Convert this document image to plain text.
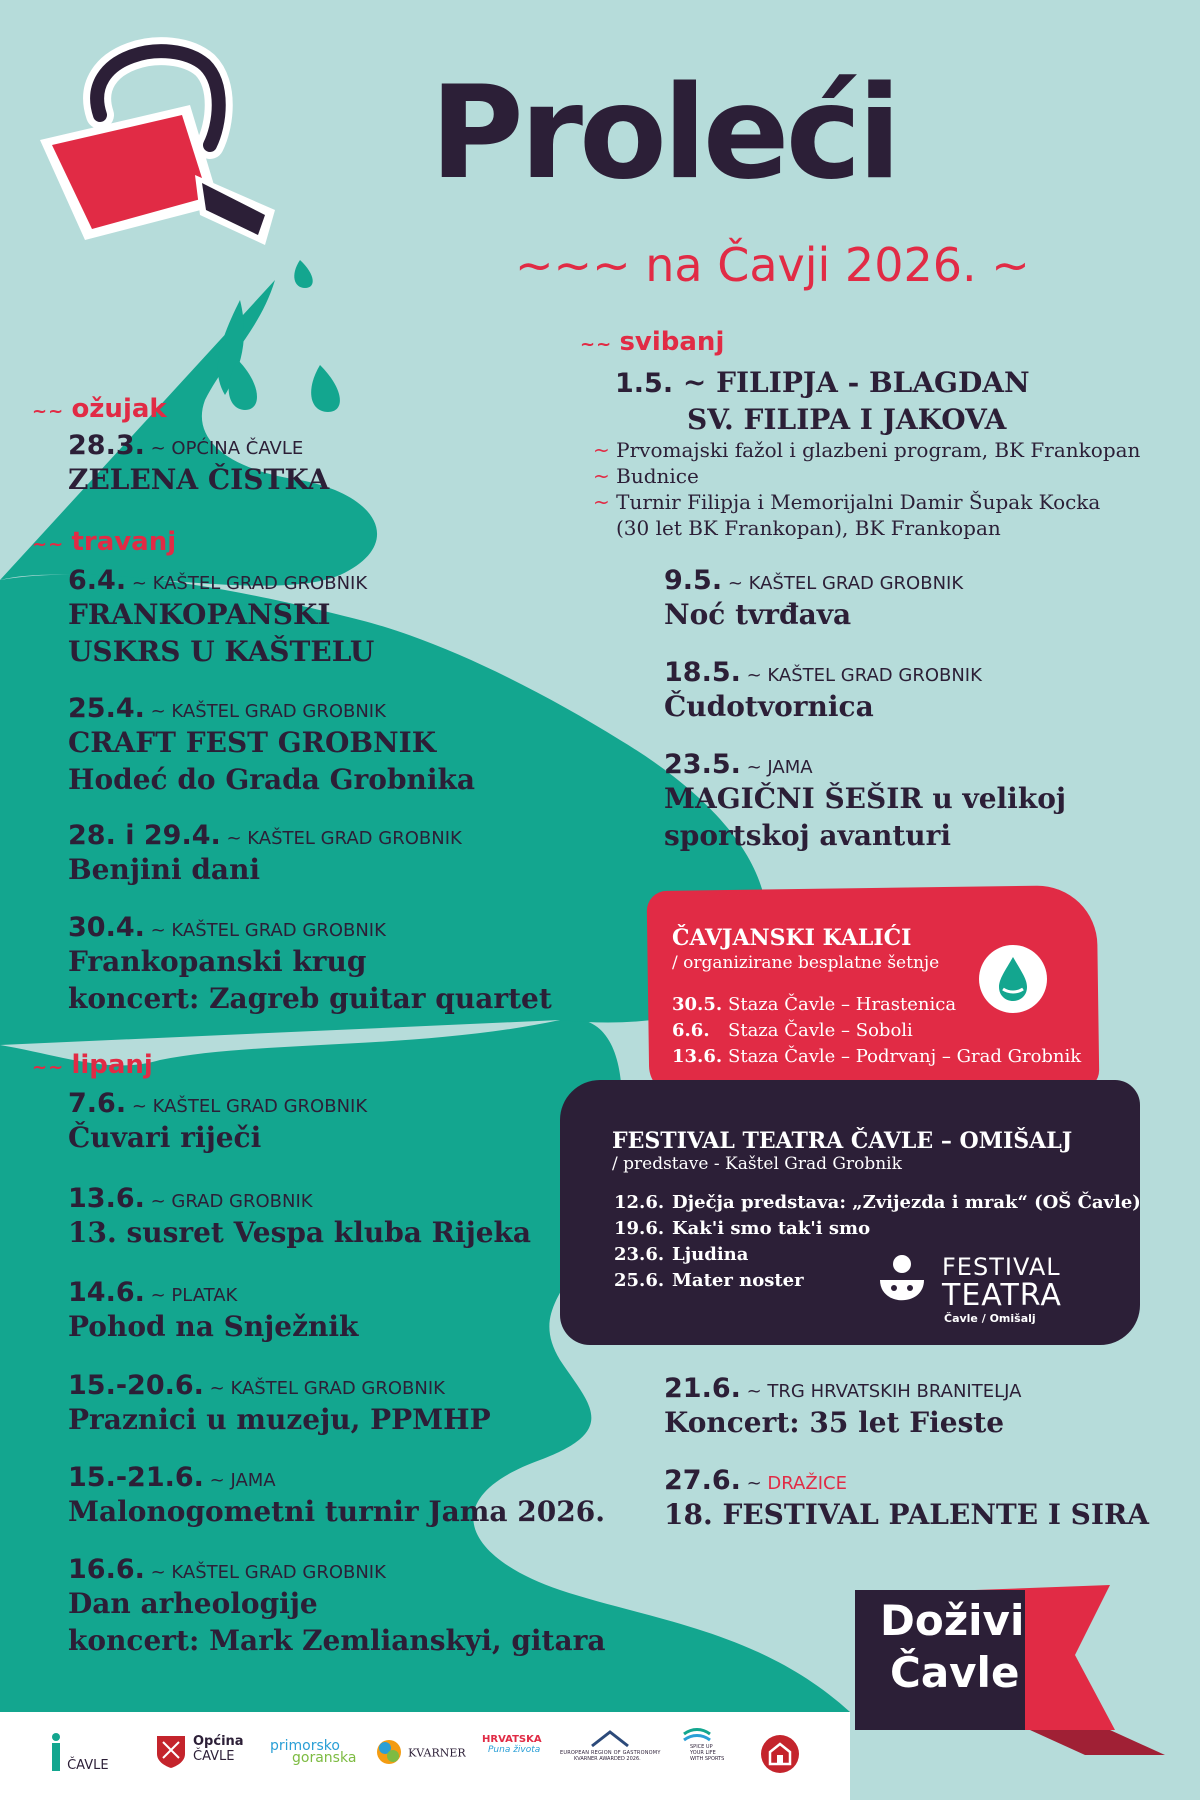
Proleći
~~~ na Čavji 2026. ~
~~ ožujak
28.3. ~ OPĆINA ČAVLE
ZELENA ČISTKA
~~ travanj
6.4. ~ KAŠTEL GRAD GROBNIK
FRANKOPANSKI
USKRS U KAŠTELU
25.4. ~ KAŠTEL GRAD GROBNIK
CRAFT FEST GROBNIK
Hodeć do Grada Grobnika
28. i 29.4. ~ KAŠTEL GRAD GROBNIK
Benjini dani
30.4. ~ KAŠTEL GRAD GROBNIK
Frankopanski krug
koncert: Zagreb guitar quartet
~~ lipanj
7.6. ~ KAŠTEL GRAD GROBNIK
Čuvari riječi
13.6. ~ GRAD GROBNIK
13. susret Vespa kluba Rijeka
14.6. ~ PLATAK
Pohod na Snježnik
15.-20.6. ~ KAŠTEL GRAD GROBNIK
Praznici u muzeju, PPMHP
15.-21.6. ~ JAMA
Malonogometni turnir Jama 2026.
16.6. ~ KAŠTEL GRAD GROBNIK
Dan arheologije
koncert: Mark Zemlianskyi, gitara
~~ svibanj
1.5. ~ FILIPJA - BLAGDAN
SV. FILIPA I JAKOVA
~ Prvomajski fažol i glazbeni program, BK Frankopan
~ Budnice
~ Turnir Filipja i Memorijalni Damir Šupak Kocka
(30 let BK Frankopan), BK Frankopan
9.5. ~ KAŠTEL GRAD GROBNIK
Noć tvrđava
18.5. ~ KAŠTEL GRAD GROBNIK
Čudotvornica
23.5. ~ JAMA
MAGIČNI ŠEŠIR u velikoj
sportskoj avanturi
ČAVJANSKI KALIĆI
/ organizirane besplatne šetnje
30.5. Staza Čavle – Hrastenica
6.6. Staza Čavle – Soboli
13.6. Staza Čavle – Podrvanj – Grad Grobnik
FESTIVAL TEATRA ČAVLE – OMIŠALJ
/ predstave - Kaštel Grad Grobnik
12.6. Dječja predstava: „Zvijezda i mrak“ (OŠ Čavle)
19.6. Kak'i smo tak'i smo
23.6. Ljudina
25.6. Mater noster	FESTIVAL
TEATRA
Čavle / Omišalj
21.6. ~ TRG HRVATSKIH BRANITELJA
Koncert: 35 let Fieste
27.6. ~ DRAŽICE
18. FESTIVAL PALENTE I SIRA
Doživi
Čavle
ČAVLE
Općina
ČAVLE
primorsko
goranska	KVARNER
HRVATSKA
Puna života	EUROPEAN REGION OF GASTRONOMY
KVARNER AWARDED 2026.
SPICE UP
YOUR LIFE
WITH SPORTS
